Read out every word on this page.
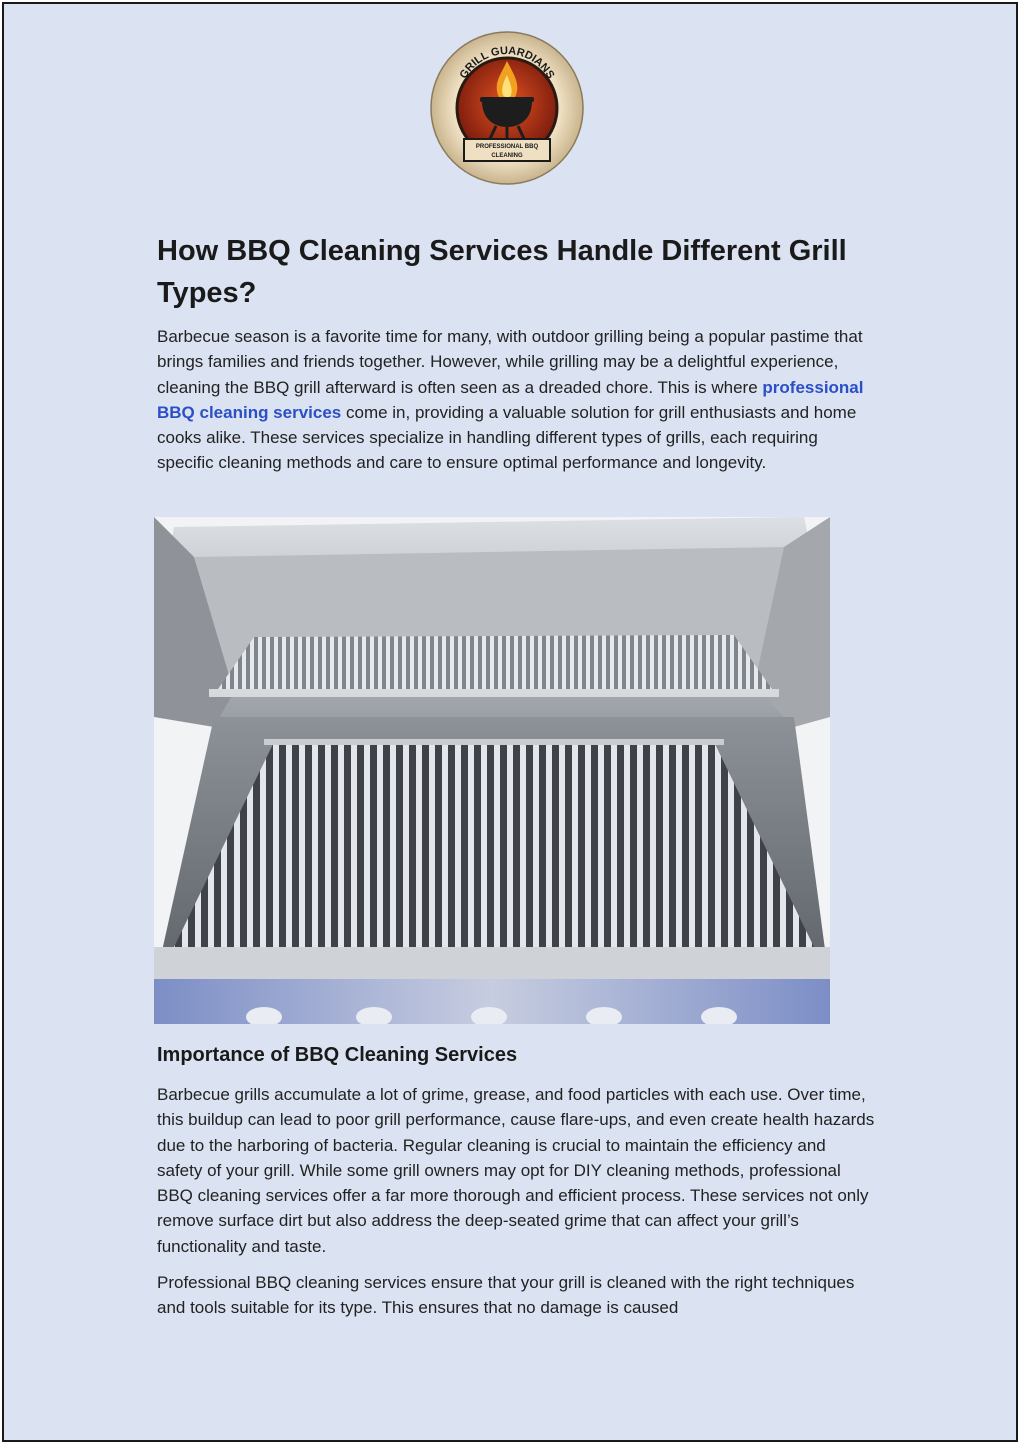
GRILL GUARDIANS
PROFESSIONAL BBQ
CLEANING
How BBQ Cleaning Services Handle Different Grill Types?

Barbecue season is a favorite time for many, with outdoor grilling being a popular pastime that brings families and friends together. However, while grilling may be a delightful experience, cleaning the BBQ grill afterward is often seen as a dreaded chore. This is where professional BBQ cleaning services come in, providing a valuable solution for grill enthusiasts and home cooks alike. These services specialize in handling different types of grills, each requiring specific cleaning methods and care to ensure optimal performance and longevity.

Importance of BBQ Cleaning Services

Barbecue grills accumulate a lot of grime, grease, and food particles with each use. Over time, this buildup can lead to poor grill performance, cause flare-ups, and even create health hazards due to the harboring of bacteria. Regular cleaning is crucial to maintain the efficiency and safety of your grill. While some grill owners may opt for DIY cleaning methods, professional BBQ cleaning services offer a far more thorough and efficient process. These services not only remove surface dirt but also address the deep-seated grime that can affect your grill’s functionality and taste.

Professional BBQ cleaning services ensure that your grill is cleaned with the right techniques and tools suitable for its type. This ensures that no damage is caused
